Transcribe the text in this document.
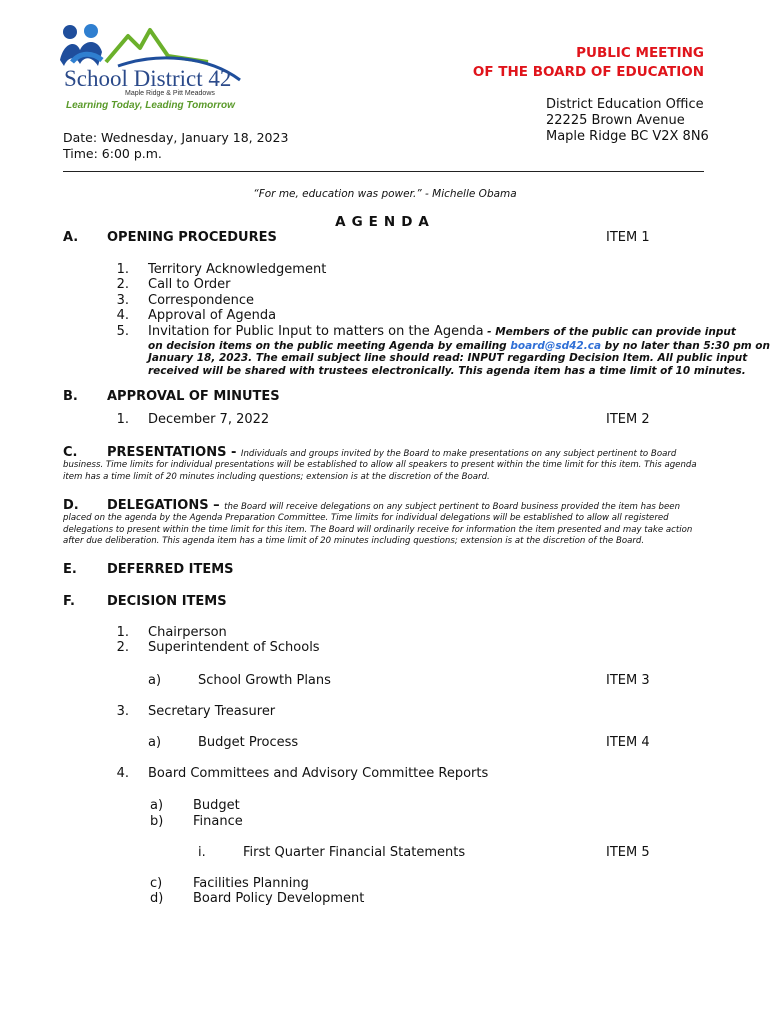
School District 42
Maple Ridge & Pitt Meadows
Learning Today, Leading Tomorrow
PUBLIC MEETING
OF THE BOARD OF EDUCATION
District Education Office
22225 Brown Avenue
Maple Ridge BC V2X 8N6
Date: Wednesday, January 18, 2023
Time: 6:00 p.m.
“For me, education was power.” - Michelle Obama
AGENDA
A. OPENING PROCEDURES	ITEM 1
1. Territory Acknowledgement
2. Call to Order
3. Correspondence
4. Approval of Agenda
5. Invitation for Public Input to matters on the Agenda - Members of the public can provide input
on decision items on the public meeting Agenda by emailing board@sd42.ca by no later than 5:30 pm on
January 18, 2023. The email subject line should read: INPUT regarding Decision Item. All public input
received will be shared with trustees electronically. This agenda item has a time limit of 10 minutes.
B. APPROVAL OF MINUTES
1. December 7, 2022	ITEM 2
C. PRESENTATIONS - Individuals and groups invited by the Board to make presentations on any subject pertinent to Board
business. Time limits for individual presentations will be established to allow all speakers to present within the time limit for this item. This agenda
item has a time limit of 20 minutes including questions; extension is at the discretion of the Board.
D. DELEGATIONS – the Board will receive delegations on any subject pertinent to Board business provided the item has been
placed on the agenda by the Agenda Preparation Committee. Time limits for individual delegations will be established to allow all registered
delegations to present within the time limit for this item. The Board will ordinarily receive for information the item presented and may take action
after due deliberation. This agenda item has a time limit of 20 minutes including questions; extension is at the discretion of the Board.
E. DEFERRED ITEMS
F. DECISION ITEMS
1. Chairperson
2. Superintendent of Schools
a)	School Growth Plans	ITEM 3
3. Secretary Treasurer
a)	Budget Process	ITEM 4
4. Board Committees and Advisory Committee Reports
a) Budget
b) Finance
i.	First Quarter Financial Statements	ITEM 5
c) Facilities Planning
d) Board Policy Development
